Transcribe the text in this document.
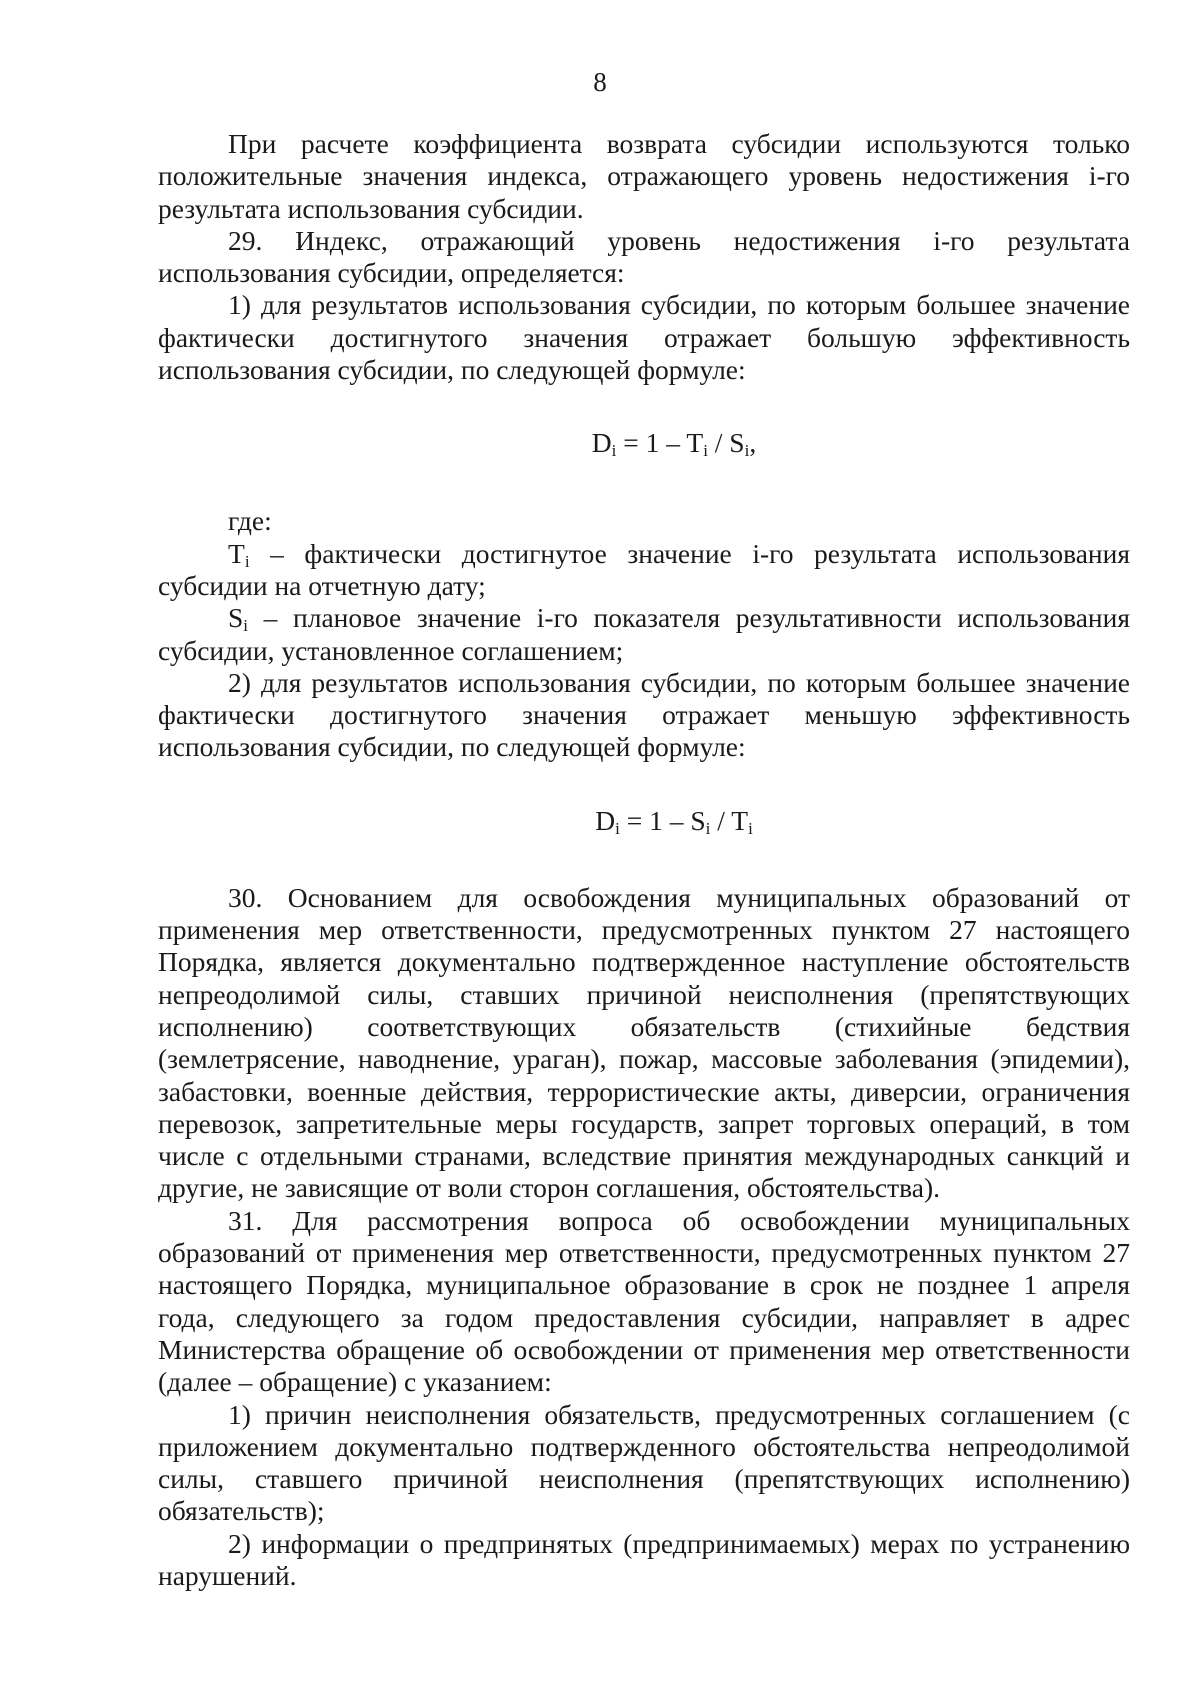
8

При расчете коэффициента возврата субсидии используются только положительные значения индекса, отражающего уровень недостижения i-го результата использования субсидии.

29. Индекс, отражающий уровень недостижения i-го результата использования субсидии, определяется:

1) для результатов использования субсидии, по которым большее значение фактически достигнутого значения отражает большую эффективность использования субсидии, по следующей формуле:

$D_i = 1 - T_i / S_i$,

где:

$T_i$ – фактически достигнутое значение i-го результата использования субсидии на отчетную дату;

$S_i$ – плановое значение i-го показателя результативности использования субсидии, установленное соглашением;

2) для результатов использования субсидии, по которым большее значение фактически достигнутого значения отражает меньшую эффективность использования субсидии, по следующей формуле:

$D_i = 1 - S_i / T_i$

30. Основанием для освобождения муниципальных образований от применения мер ответственности, предусмотренных пунктом 27 настоящего Порядка, является документально подтвержденное наступление обстоятельств непреодолимой силы, ставших причиной неисполнения (препятствующих исполнению) соответствующих обязательств (стихийные бедствия (землетрясение, наводнение, ураган), пожар, массовые заболевания (эпидемии), забастовки, военные действия, террористические акты, диверсии, ограничения перевозок, запретительные меры государств, запрет торговых операций, в том числе с отдельными странами, вследствие принятия международных санкций и другие, не зависящие от воли сторон соглашения, обстоятельства).

31. Для рассмотрения вопроса об освобождении муниципальных образований от применения мер ответственности, предусмотренных пунктом 27 настоящего Порядка, муниципальное образование в срок не позднее 1 апреля года, следующего за годом предоставления субсидии, направляет в адрес Министерства обращение об освобождении от применения мер ответственности (далее – обращение) с указанием:

1) причин неисполнения обязательств, предусмотренных соглашением (с приложением документально подтвержденного обстоятельства непреодолимой силы, ставшего причиной неисполнения (препятствующих исполнению) обязательств);

2) информации о предпринятых (предпринимаемых) мерах по устранению нарушений.
